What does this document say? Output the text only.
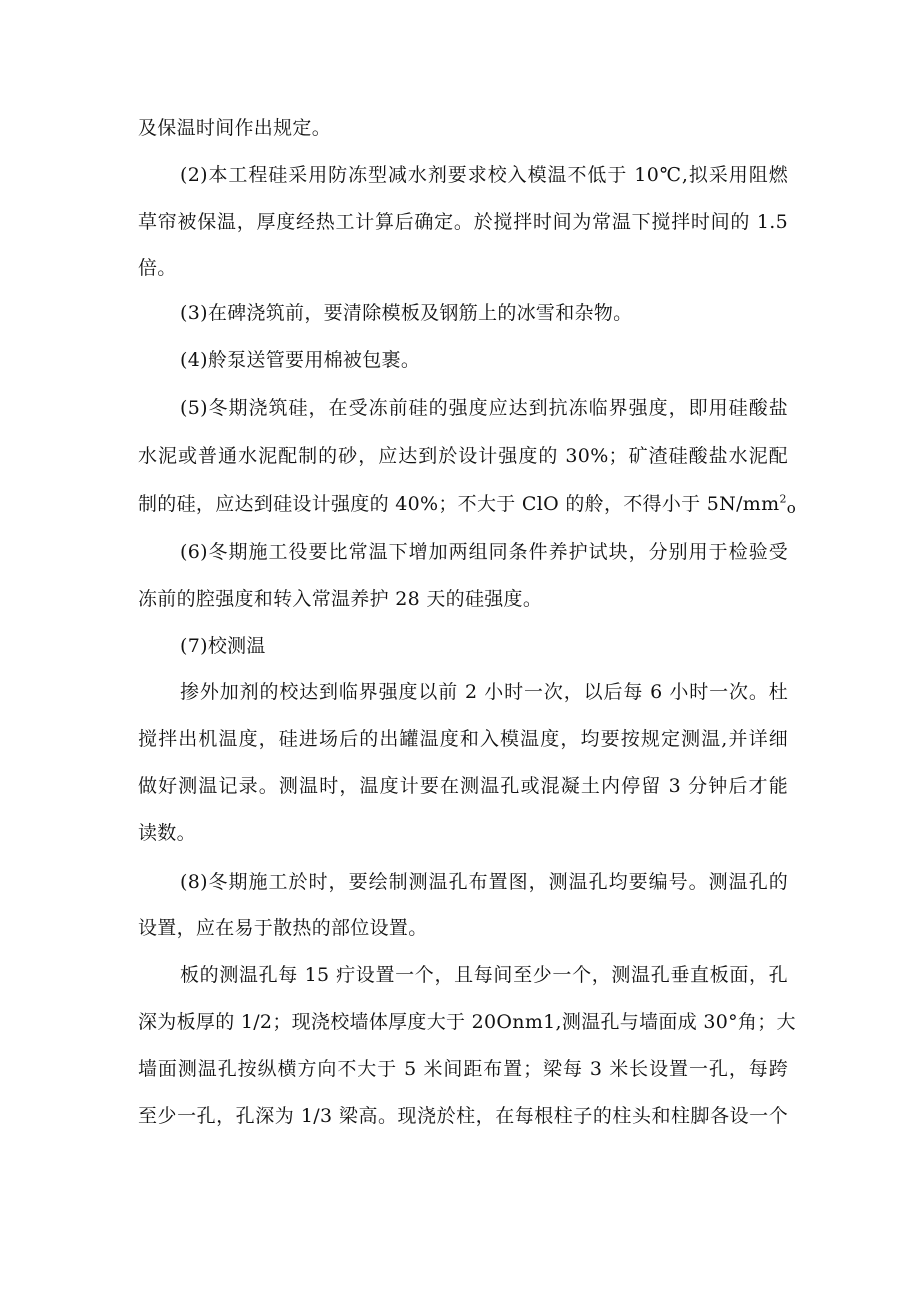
及保温时间作出规定。
(2)本工程硅采用防冻型减水剂要求校入模温不低于 10℃,拟采用阻燃
草帘被保温，厚度经热工计算后确定。於搅拌时间为常温下搅拌时间的 1.5
倍。
(3)在碑浇筑前，要清除模板及钢筋上的冰雪和杂物。
(4)舲泵送管要用棉被包裹。
(5)冬期浇筑硅，在受冻前硅的强度应达到抗冻临界强度，即用硅酸盐
水泥或普通水泥配制的砂，应达到於设计强度的 30%；矿渣硅酸盐水泥配
制的硅，应达到硅设计强度的 40%；不大于 ClO 的舲，不得小于 $5N∕mm^2o$
(6)冬期施工役要比常温下增加两组同条件养护试块，分别用于检验受
冻前的腔强度和转入常温养护 28 天的硅强度。
(7)校测温
掺外加剂的校达到临界强度以前 2 小时一次，以后每 6 小时一次。杜
搅拌出机温度，硅进场后的出罐温度和入模温度，均要按规定测温,并详细
做好测温记录。测温时，温度计要在测温孔或混凝土内停留 3 分钟后才能
读数。
(8)冬期施工於时，要绘制测温孔布置图，测温孔均要编号。测温孔的
设置，应在易于散热的部位设置。
板的测温孔每 15 疔设置一个，且每间至少一个，测温孔垂直板面，孔
深为板厚的 1/2；现浇校墙体厚度大于 20Onm1,测温孔与墙面成 30°角；大
墙面测温孔按纵横方向不大于 5 米间距布置；梁每 3 米长设置一孔，每跨
至少一孔，孔深为 1/3 梁高。现浇於柱，在每根柱子的柱头和柱脚各设一个
